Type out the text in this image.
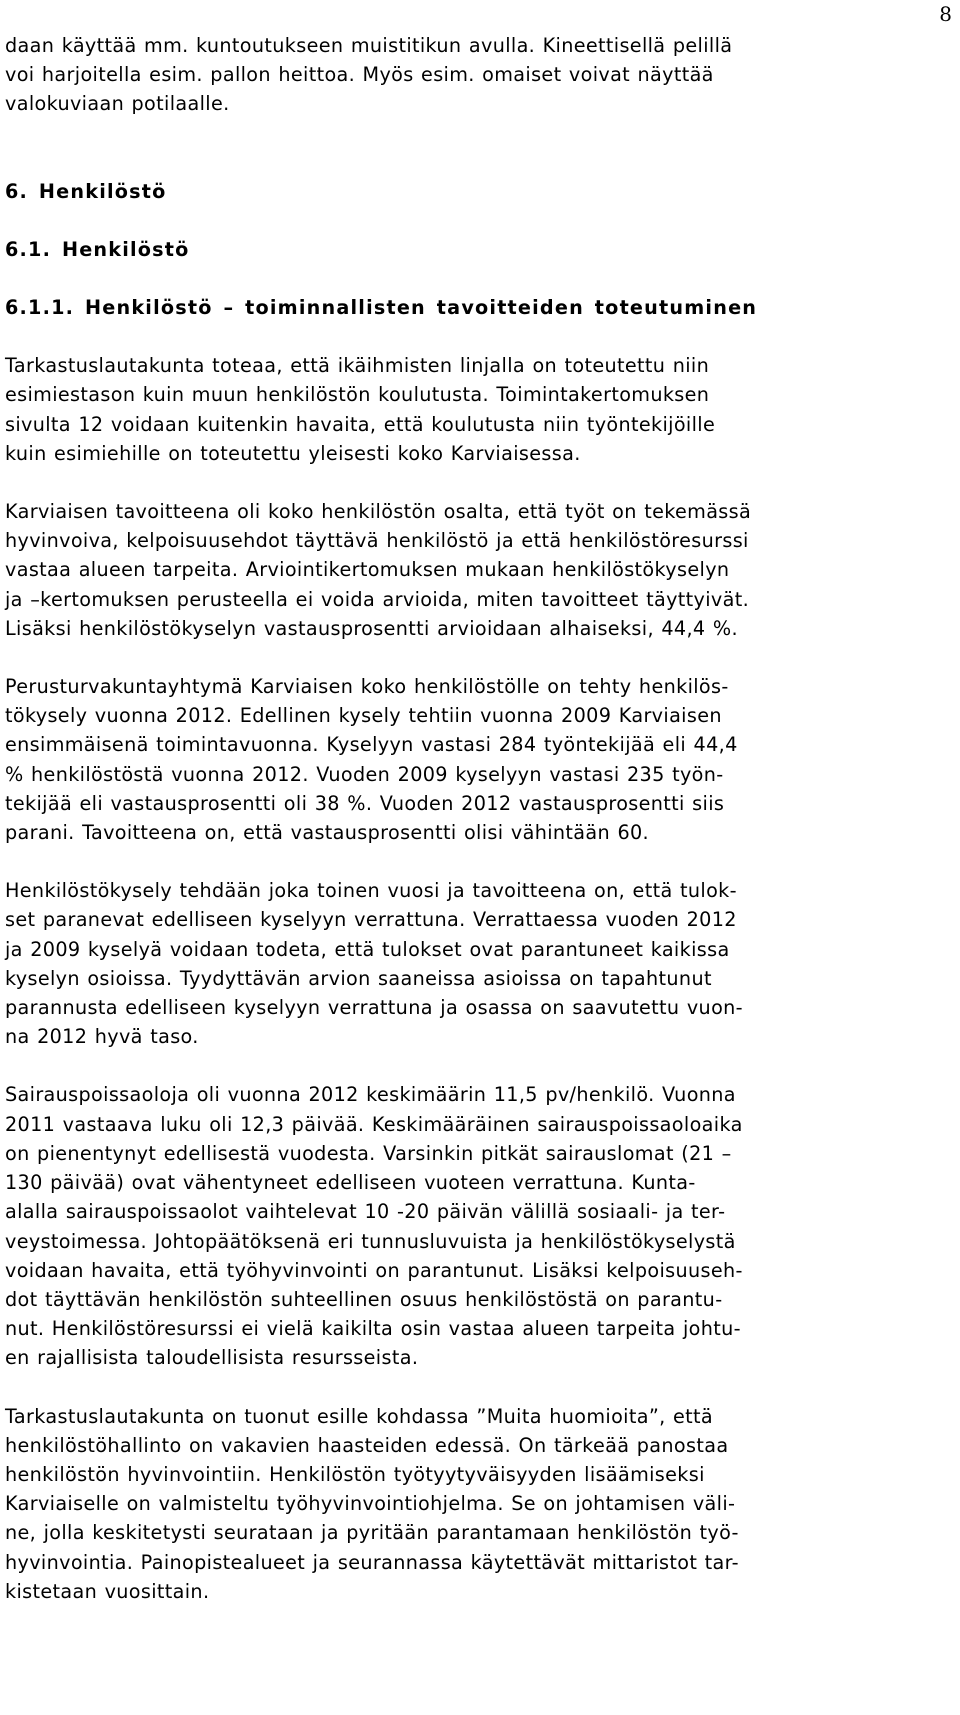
8

daan käyttää mm. kuntoutukseen muistitikun avulla. Kineettisellä pelillä
voi harjoitella esim. pallon heittoa. Myös esim. omaiset voivat näyttää
valokuviaan potilaalle.

6. Henkilöstö

6.1. Henkilöstö

6.1.1. Henkilöstö – toiminnallisten tavoitteiden toteutuminen

Tarkastuslautakunta toteaa, että ikäihmisten linjalla on toteutettu niin
esimiestason kuin muun henkilöstön koulutusta. Toimintakertomuksen
sivulta 12 voidaan kuitenkin havaita, että koulutusta niin työntekijöille
kuin esimiehille on toteutettu yleisesti koko Karviaisessa.

Karviaisen tavoitteena oli koko henkilöstön osalta, että työt on tekemässä
hyvinvoiva, kelpoisuusehdot täyttävä henkilöstö ja että henkilöstöresurssi
vastaa alueen tarpeita. Arviointikertomuksen mukaan henkilöstökyselyn
ja –kertomuksen perusteella ei voida arvioida, miten tavoitteet täyttyivät.
Lisäksi henkilöstökyselyn vastausprosentti arvioidaan alhaiseksi, 44,4 %.

Perusturvakuntayhtymä Karviaisen koko henkilöstölle on tehty henkilös-
tökysely vuonna 2012. Edellinen kysely tehtiin vuonna 2009 Karviaisen
ensimmäisenä toimintavuonna. Kyselyyn vastasi 284 työntekijää eli 44,4
% henkilöstöstä vuonna 2012. Vuoden 2009 kyselyyn vastasi 235 työn-
tekijää eli vastausprosentti oli 38 %. Vuoden 2012 vastausprosentti siis
parani. Tavoitteena on, että vastausprosentti olisi vähintään 60.

Henkilöstökysely tehdään joka toinen vuosi ja tavoitteena on, että tulok-
set paranevat edelliseen kyselyyn verrattuna. Verrattaessa vuoden 2012
ja 2009 kyselyä voidaan todeta, että tulokset ovat parantuneet kaikissa
kyselyn osioissa. Tyydyttävän arvion saaneissa asioissa on tapahtunut
parannusta edelliseen kyselyyn verrattuna ja osassa on saavutettu vuon-
na 2012 hyvä taso.

Sairauspoissaoloja oli vuonna 2012 keskimäärin 11,5 pv/henkilö. Vuonna
2011 vastaava luku oli 12,3 päivää. Keskimääräinen sairauspoissaoloaika
on pienentynyt edellisestä vuodesta. Varsinkin pitkät sairauslomat (21 –
130 päivää) ovat vähentyneet edelliseen vuoteen verrattuna. Kunta-
alalla sairauspoissaolot vaihtelevat 10 -20 päivän välillä sosiaali- ja ter-
veystoimessa. Johtopäätöksenä eri tunnusluvuista ja henkilöstökyselystä
voidaan havaita, että työhyvinvointi on parantunut. Lisäksi kelpoisuuseh-
dot täyttävän henkilöstön suhteellinen osuus henkilöstöstä on parantu-
nut. Henkilöstöresurssi ei vielä kaikilta osin vastaa alueen tarpeita johtu-
en rajallisista taloudellisista resursseista.

Tarkastuslautakunta on tuonut esille kohdassa ”Muita huomioita”, että
henkilöstöhallinto on vakavien haasteiden edessä. On tärkeää panostaa
henkilöstön hyvinvointiin. Henkilöstön työtyytyväisyyden lisäämiseksi
Karviaiselle on valmisteltu työhyvinvointiohjelma. Se on johtamisen väli-
ne, jolla keskitetysti seurataan ja pyritään parantamaan henkilöstön työ-
hyvinvointia. Painopistealueet ja seurannassa käytettävät mittaristot tar-
kistetaan vuosittain.
